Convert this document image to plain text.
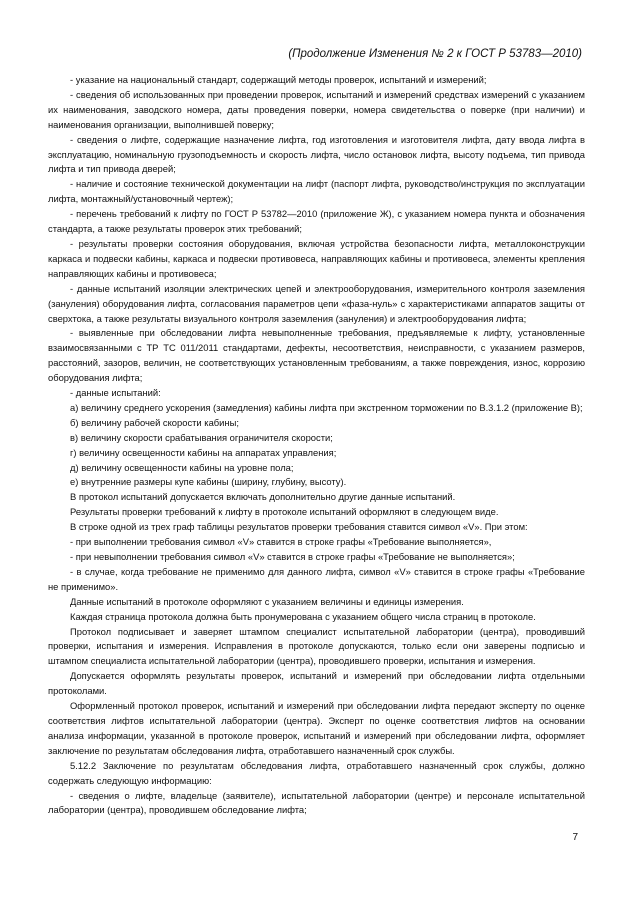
(Продолжение Изменения № 2 к ГОСТ Р 53783—2010)

- указание на национальный стандарт, содержащий методы проверок, испытаний и измерений;

- сведения об использованных при проведении проверок, испытаний и измерений средствах измерений с указанием их наименования, заводского номера, даты проведения поверки, номера свидетельства о поверке (при наличии) и наименования организации, выполнившей поверку;

- сведения о лифте, содержащие назначение лифта, год изготовления и изготовителя лифта, дату ввода лифта в эксплуатацию, номинальную грузоподъемность и скорость лифта, число остановок лифта, высоту подъема, тип привода лифта и тип привода дверей;

- наличие и состояние технической документации на лифт (паспорт лифта, руководство/инструкция по эксплуатации лифта, монтажный/установочный чертеж);

- перечень требований к лифту по ГОСТ Р 53782—2010 (приложение Ж), с указанием номера пункта и обозначения стандарта, а также результаты проверок этих требований;

- результаты проверки состояния оборудования, включая устройства безопасности лифта, металлоконструкции каркаса и подвески кабины, каркаса и подвески противовеса, направляющих кабины и противовеса, элементы крепления направляющих кабины и противовеса;

- данные испытаний изоляции электрических цепей и электрооборудования, измерительного контроля заземления (зануления) оборудования лифта, согласования параметров цепи «фаза-нуль» с характеристиками аппаратов защиты от сверхтока, а также результаты визуального контроля заземления (зануления) и электрооборудования лифта;

- выявленные при обследовании лифта невыполненные требования, предъявляемые к лифту, установленные взаимосвязанными с ТР ТС 011/2011 стандартами, дефекты, несоответствия, неисправности, с указанием размеров, расстояний, зазоров, величин, не соответствующих установленным требованиям, а также повреждения, износ, коррозию оборудования лифта;

- данные испытаний:

а) величину среднего ускорения (замедления) кабины лифта при экстренном торможении по В.3.1.2 (приложение В);

б) величину рабочей скорости кабины;

в) величину скорости срабатывания ограничителя скорости;

г) величину освещенности кабины на аппаратах управления;

д) величину освещенности кабины на уровне пола;

е) внутренние размеры купе кабины (ширину, глубину, высоту).

В протокол испытаний допускается включать дополнительно другие данные испытаний.

Результаты проверки требований к лифту в протоколе испытаний оформляют в следующем виде.

В строке одной из трех граф таблицы результатов проверки требования ставится символ «V». При этом:

- при выполнении требования символ «V» ставится в строке графы «Требование выполняется»,

- при невыполнении требования символ «V» ставится в строке графы «Требование не выполняется»;

- в случае, когда требование не применимо для данного лифта, символ «V» ставится в строке графы «Требование не применимо».

Данные испытаний в протоколе оформляют с указанием величины и единицы измерения.

Каждая страница протокола должна быть пронумерована с указанием общего числа страниц в протоколе.

Протокол подписывает и заверяет штампом специалист испытательной лаборатории (центра), проводивший проверки, испытания и измерения. Исправления в протоколе допускаются, только если они заверены подписью и штампом специалиста испытательной лаборатории (центра), проводившего проверки, испытания и измерения.

Допускается оформлять результаты проверок, испытаний и измерений при обследовании лифта отдельными протоколами.

Оформленный протокол проверок, испытаний и измерений при обследовании лифта передают эксперту по оценке соответствия лифтов испытательной лаборатории (центра). Эксперт по оценке соответствия лифтов на основании анализа информации, указанной в протоколе проверок, испытаний и измерений при обследовании лифта, оформляет заключение по результатам обследования лифта, отработавшего назначенный срок службы.

5.12.2 Заключение по результатам обследования лифта, отработавшего назначенный срок службы, должно содержать следующую информацию:

- сведения о лифте, владельце (заявителе), испытательной лаборатории (центре) и персонале испытательной лаборатории (центра), проводившем обследование лифта;

7
